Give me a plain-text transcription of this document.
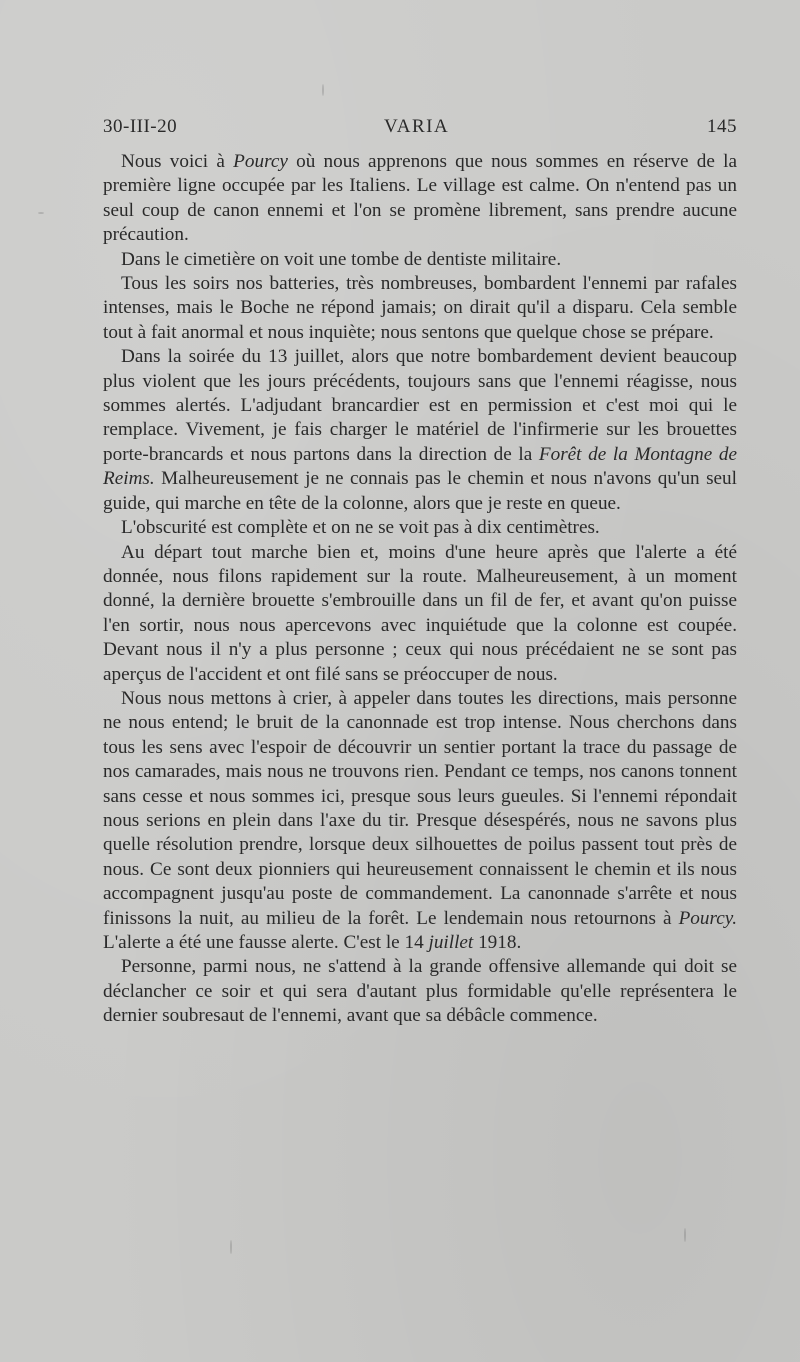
30-III-20	VARIA	145

Nous voici à Pourcy où nous apprenons que nous sommes en réserve de la première ligne occupée par les Italiens. Le village est calme. On n'entend pas un seul coup de canon ennemi et l'on se promène librement, sans prendre aucune précaution.

Dans le cimetière on voit une tombe de dentiste militaire.

Tous les soirs nos batteries, très nombreuses, bombardent l'ennemi par rafales intenses, mais le Boche ne répond jamais; on dirait qu'il a disparu. Cela semble tout à fait anormal et nous inquiète; nous sentons que quelque chose se prépare.

Dans la soirée du 13 juillet, alors que notre bombardement devient beaucoup plus violent que les jours précédents, toujours sans que l'ennemi réagisse, nous sommes alertés. L'adjudant brancardier est en permission et c'est moi qui le remplace. Vivement, je fais charger le matériel de l'infirmerie sur les brouettes porte-brancards et nous partons dans la direction de la Forêt de la Montagne de Reims. Malheureusement je ne connais pas le chemin et nous n'avons qu'un seul guide, qui marche en tête de la colonne, alors que je reste en queue.

L'obscurité est complète et on ne se voit pas à dix centimètres.

Au départ tout marche bien et, moins d'une heure après que l'alerte a été donnée, nous filons rapidement sur la route. Malheureusement, à un moment donné, la dernière brouette s'embrouille dans un fil de fer, et avant qu'on puisse l'en sortir, nous nous apercevons avec inquiétude que la colonne est coupée. Devant nous il n'y a plus personne ; ceux qui nous précédaient ne se sont pas aperçus de l'accident et ont filé sans se préoccuper de nous.

Nous nous mettons à crier, à appeler dans toutes les directions, mais personne ne nous entend; le bruit de la canonnade est trop intense. Nous cherchons dans tous les sens avec l'espoir de découvrir un sentier portant la trace du passage de nos camarades, mais nous ne trouvons rien. Pendant ce temps, nos canons tonnent sans cesse et nous sommes ici, presque sous leurs gueules. Si l'ennemi répondait nous serions en plein dans l'axe du tir. Presque désespérés, nous ne savons plus quelle résolution prendre, lorsque deux silhouettes de poilus passent tout près de nous. Ce sont deux pionniers qui heureusement connaissent le chemin et ils nous accompagnent jusqu'au poste de commandement. La canonnade s'arrête et nous finissons la nuit, au milieu de la forêt. Le lendemain nous retournons à Pourcy. L'alerte a été une fausse alerte. C'est le 14 juillet 1918.

Personne, parmi nous, ne s'attend à la grande offensive allemande qui doit se déclancher ce soir et qui sera d'autant plus formidable qu'elle représentera le dernier soubresaut de l'ennemi, avant que sa débâcle commence.
